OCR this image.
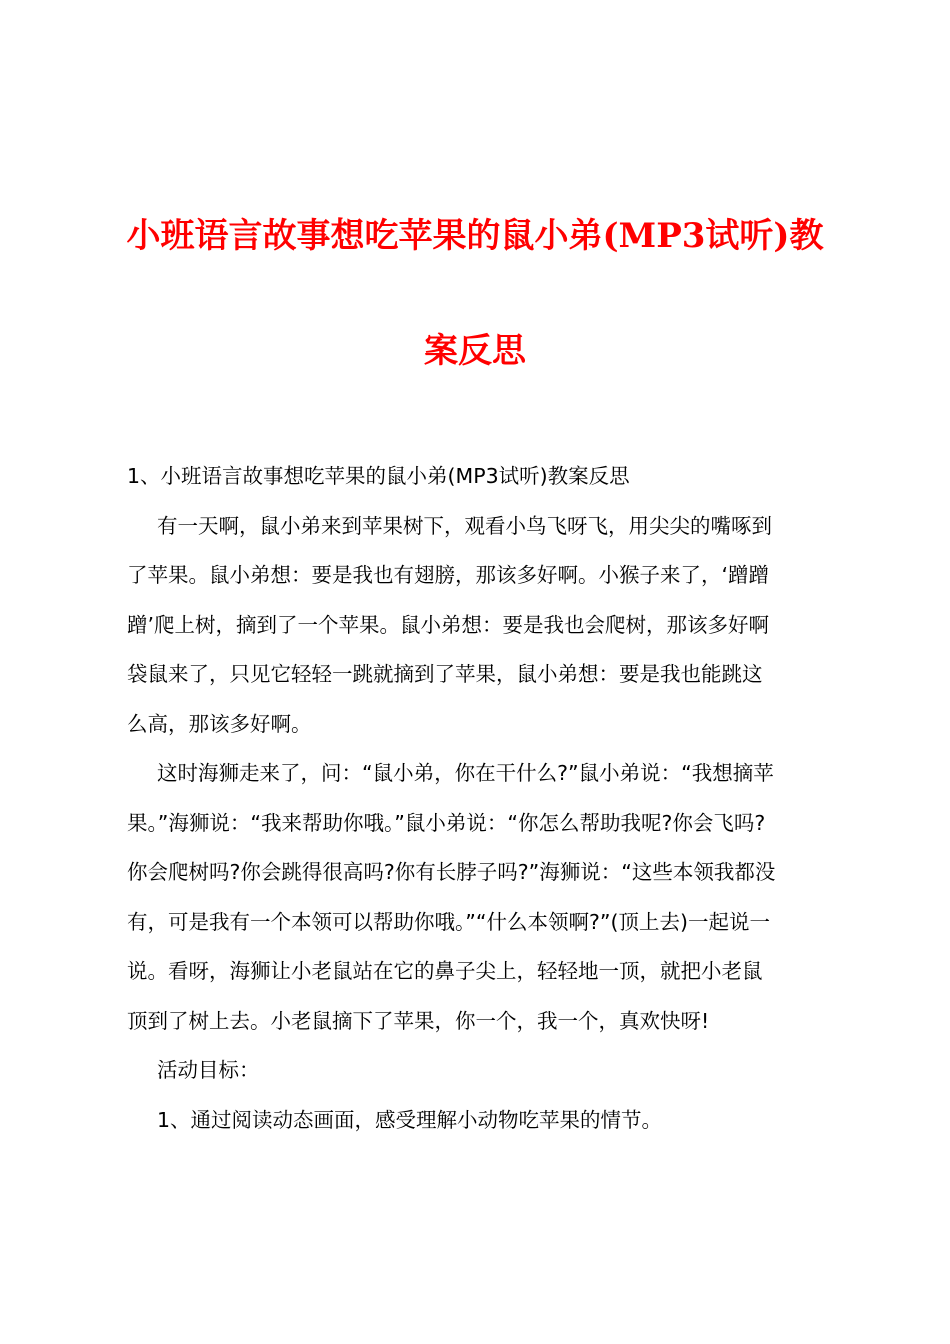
小班语言故事想吃苹果的鼠小弟(MP3试听)教
案反思
1、小班语言故事想吃苹果的鼠小弟(MP3试听)教案反思
有一天啊，鼠小弟来到苹果树下，观看小鸟飞呀飞，用尖尖的嘴啄到
了苹果。鼠小弟想：要是我也有翅膀，那该多好啊。小猴子来了，‘蹭蹭
蹭’爬上树，摘到了一个苹果。鼠小弟想：要是我也会爬树，那该多好啊
袋鼠来了，只见它轻轻一跳就摘到了苹果，鼠小弟想：要是我也能跳这
么高，那该多好啊。
这时海狮走来了，问：“鼠小弟，你在干什么?”鼠小弟说：“我想摘苹
果。”海狮说：“我来帮助你哦。”鼠小弟说：“你怎么帮助我呢?你会飞吗?
你会爬树吗?你会跳得很高吗?你有长脖子吗?”海狮说：“这些本领我都没
有，可是我有一个本领可以帮助你哦。”“什么本领啊?”(顶上去)一起说一
说。看呀，海狮让小老鼠站在它的鼻子尖上，轻轻地一顶，就把小老鼠
顶到了树上去。小老鼠摘下了苹果，你一个，我一个，真欢快呀!
活动目标：
1、通过阅读动态画面，感受理解小动物吃苹果的情节。
